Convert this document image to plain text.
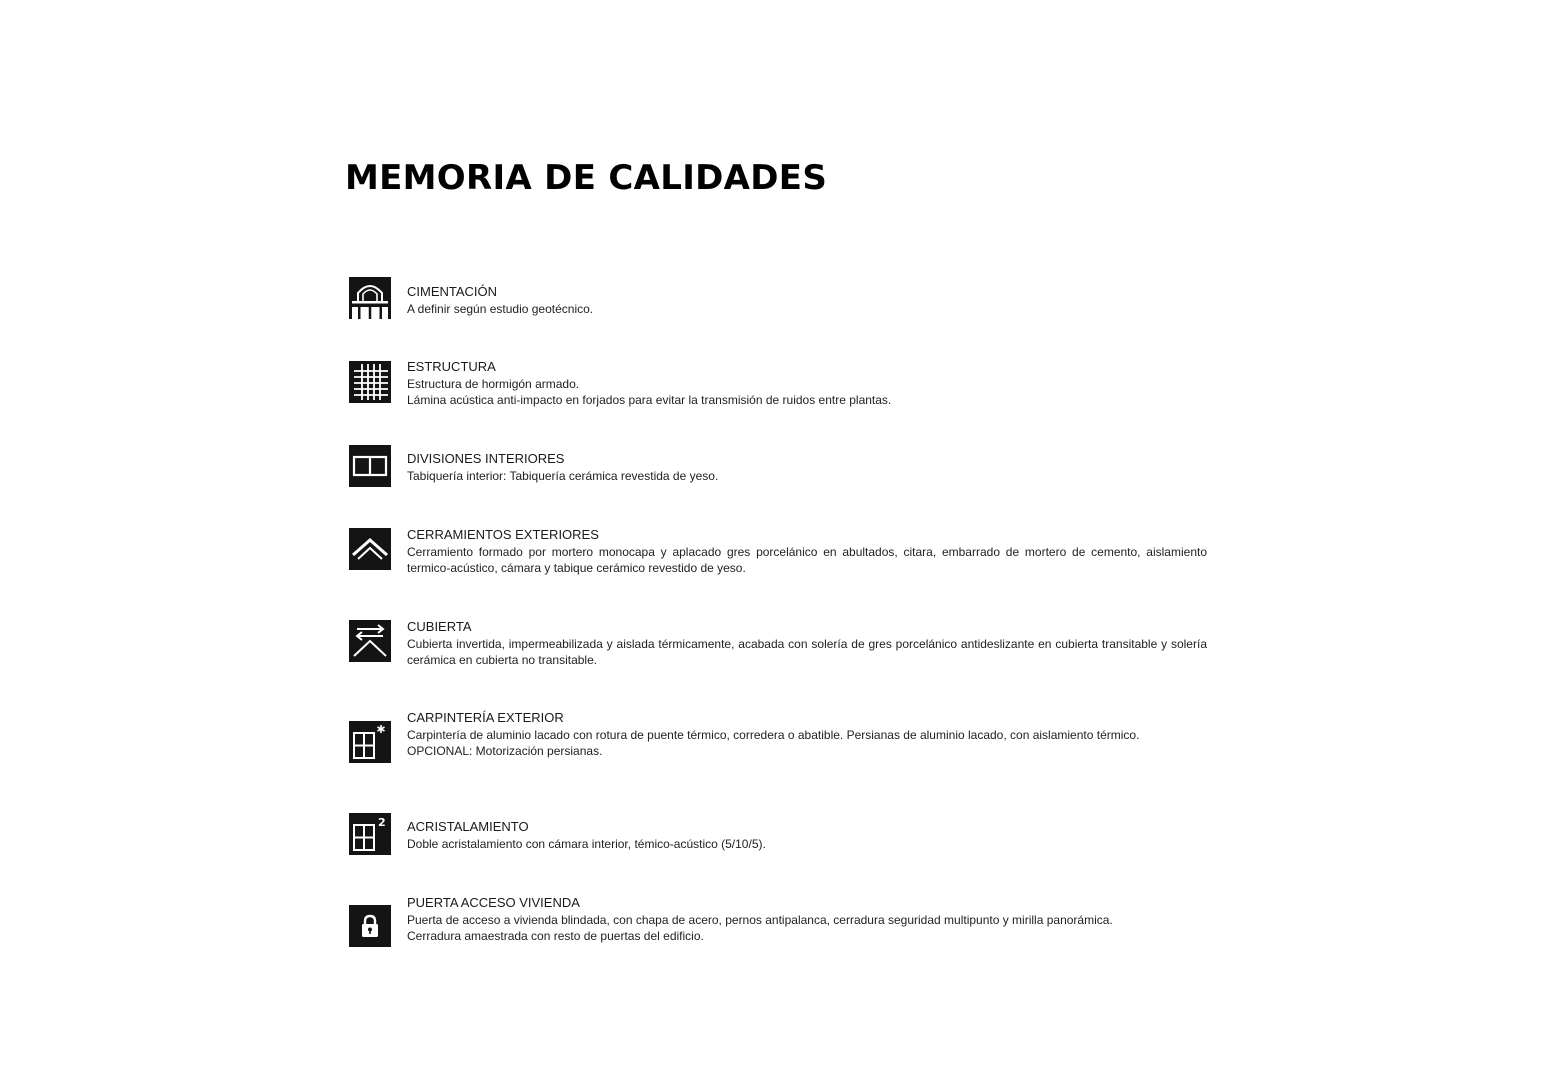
MEMORIA DE CALIDADES
CIMENTACIÓN
A definir según estudio geotécnico.
ESTRUCTURA
Estructura de hormigón armado.
Lámina acústica anti-impacto en forjados para evitar la transmisión de ruidos entre plantas.
DIVISIONES INTERIORES
Tabiquería interior: Tabiquería cerámica revestida de yeso.
CERRAMIENTOS EXTERIORES
Cerramiento formado por mortero monocapa y aplacado gres porcelánico en abultados, citara, embarrado de mortero de cemento, aislamiento termico-acústico, cámara y tabique cerámico revestido de yeso.
CUBIERTA
Cubierta invertida, impermeabilizada y aislada térmicamente, acabada con solería de gres porcelánico antideslizante en cubierta transitable y solería cerámica en cubierta no transitable.
CARPINTERÍA EXTERIOR
Carpintería de aluminio lacado con rotura de puente térmico, corredera o abatible. Persianas de aluminio lacado, con aislamiento térmico.
OPCIONAL: Motorización persianas.
2 ACRISTALAMIENTO
Doble acristalamiento con cámara interior, témico-acústico (5/10/5).
PUERTA ACCESO VIVIENDA
Puerta de acceso a vivienda blindada, con chapa de acero, pernos antipalanca, cerradura seguridad multipunto y mirilla panorámica.
Cerradura amaestrada con resto de puertas del edificio.
